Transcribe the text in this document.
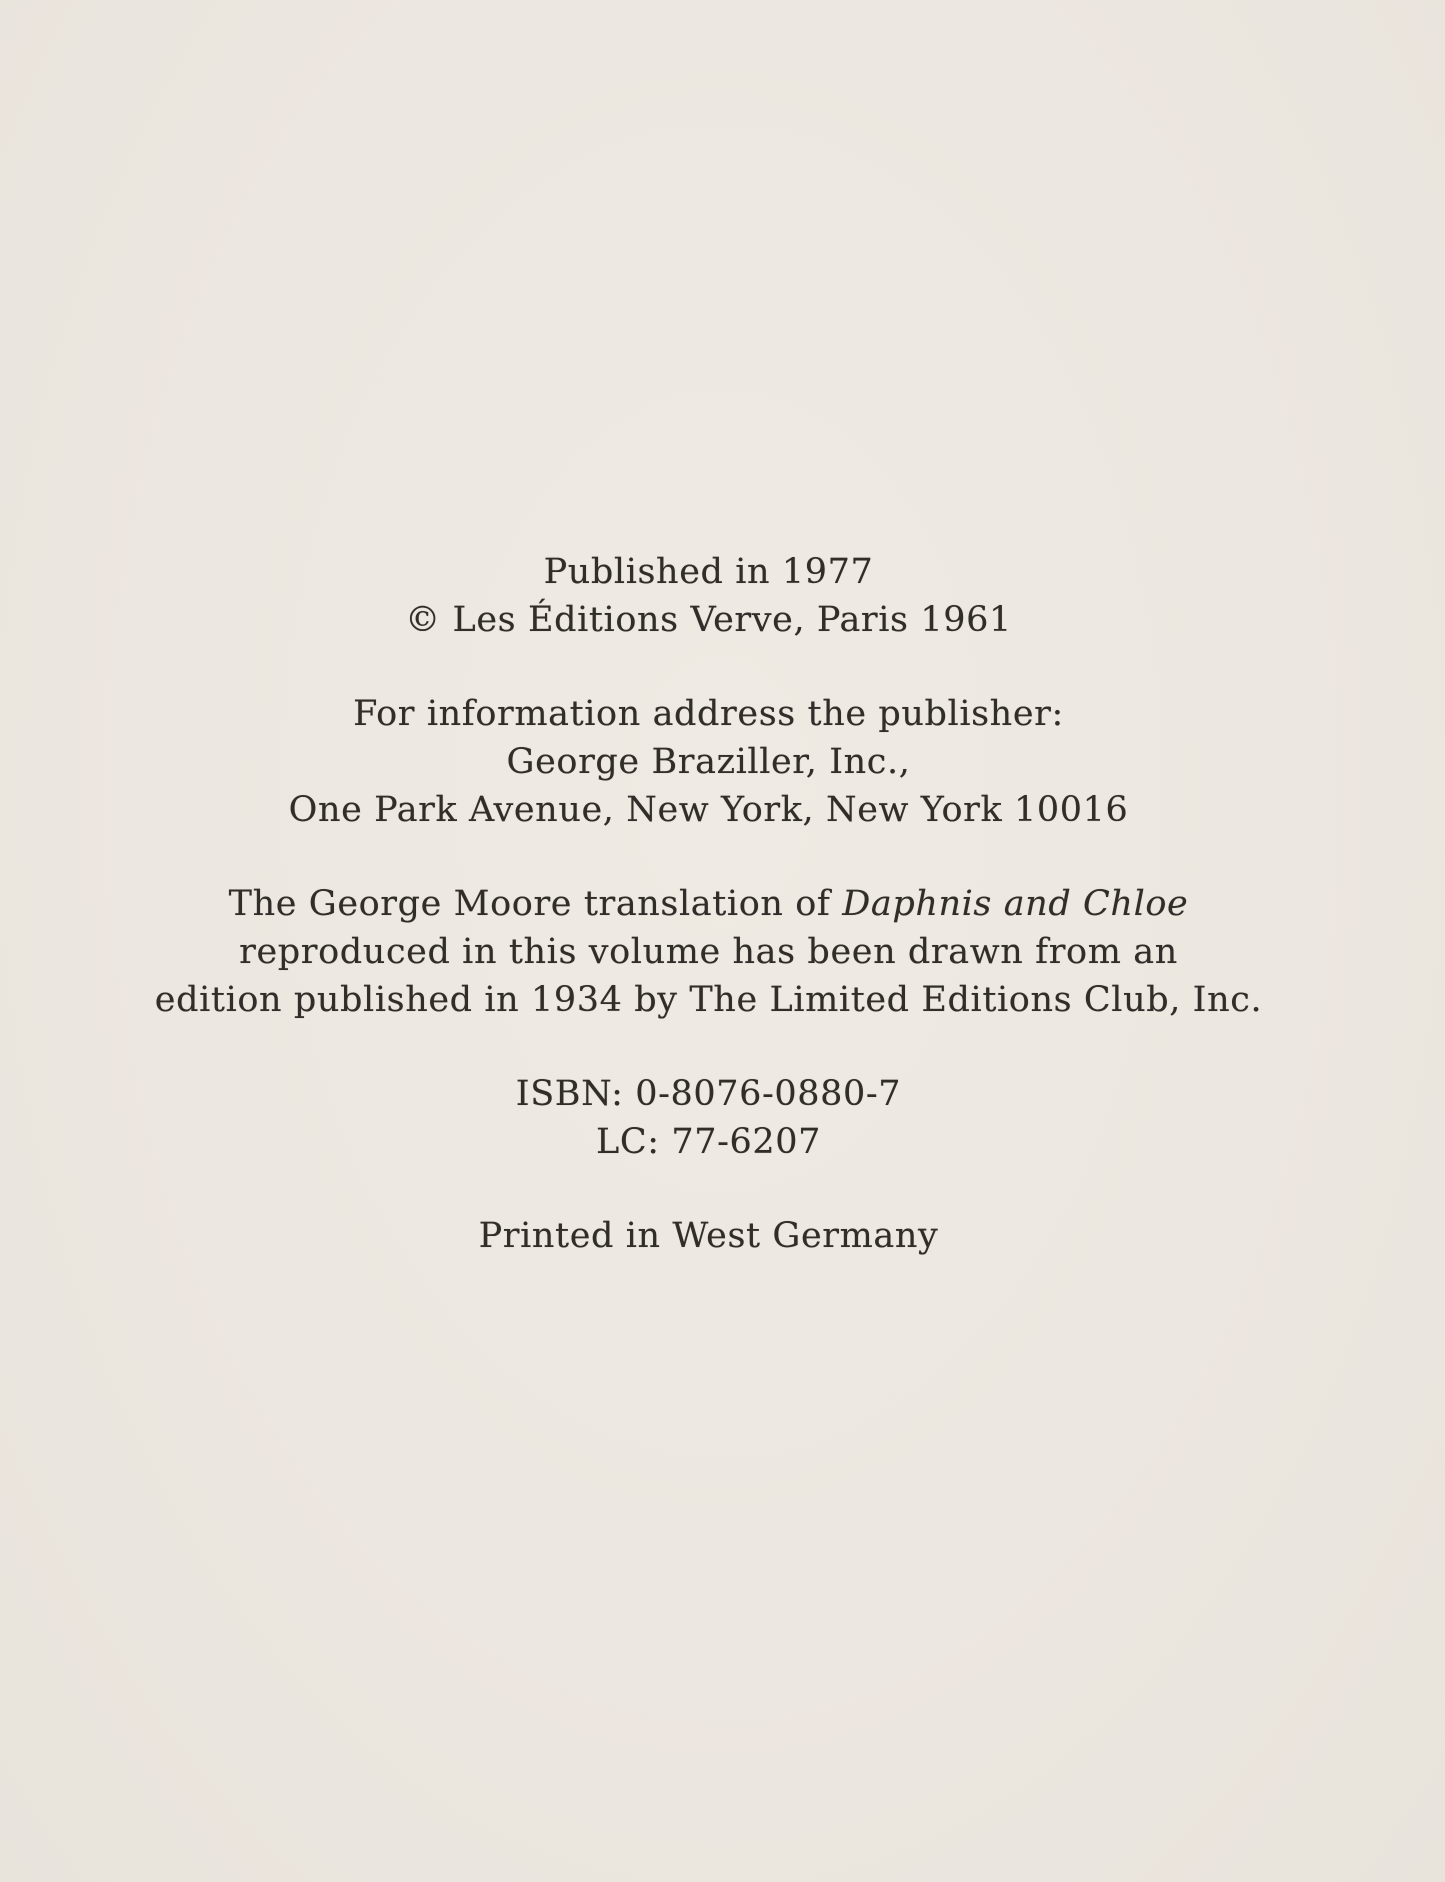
Published in 1977
© Les Éditions Verve, Paris 1961

For information address the publisher:
George Braziller, Inc.,
One Park Avenue, New York, New York 10016

The George Moore translation of Daphnis and Chloe
reproduced in this volume has been drawn from an
edition published in 1934 by The Limited Editions Club, Inc.

ISBN: 0-8076-0880-7
LC: 77-6207

Printed in West Germany
